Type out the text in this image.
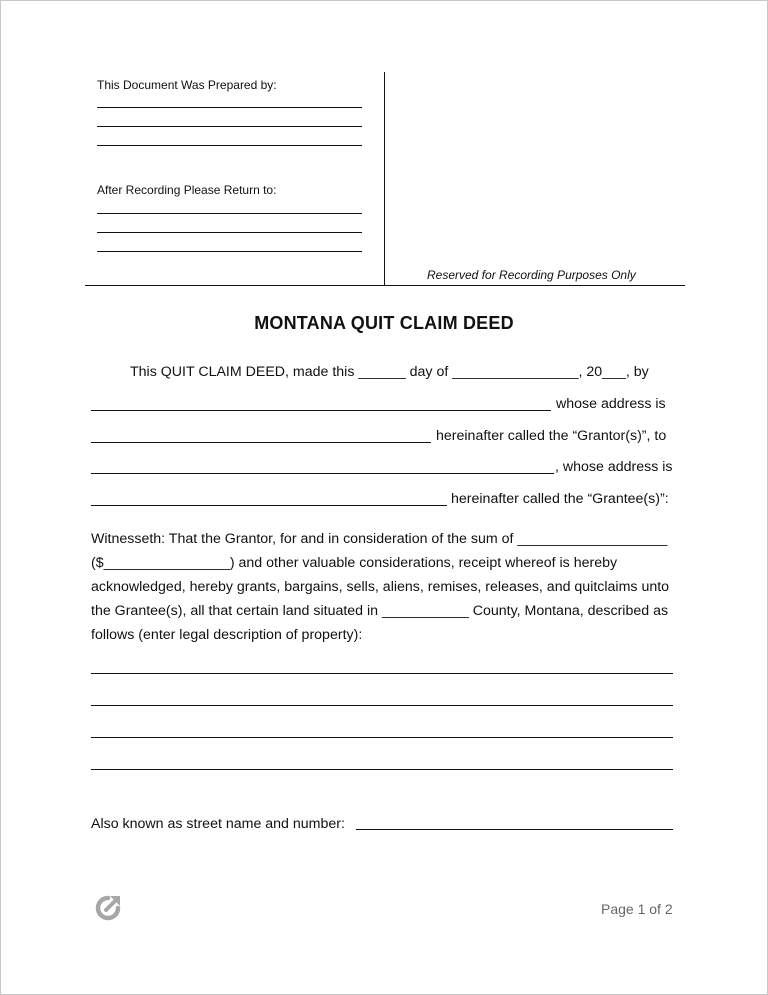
This Document Was Prepared by:
After Recording Please Return to:
Reserved for Recording Purposes Only
MONTANA QUIT CLAIM DEED
This QUIT CLAIM DEED, made this ______ day of ________________, 20___, by
whose address is
hereinafter called the “Grantor(s)”, to
, whose address is
hereinafter called the “Grantee(s)”:
Witnesseth: That the Grantor, for and in consideration of the sum of ___________________
($________________) and other valuable considerations, receipt whereof is hereby
acknowledged, hereby grants, bargains, sells, aliens, remises, releases, and quitclaims unto
the Grantee(s), all that certain land situated in ___________ County, Montana, described as
follows (enter legal description of property):
Also known as street name and number:
Page 1 of 2
